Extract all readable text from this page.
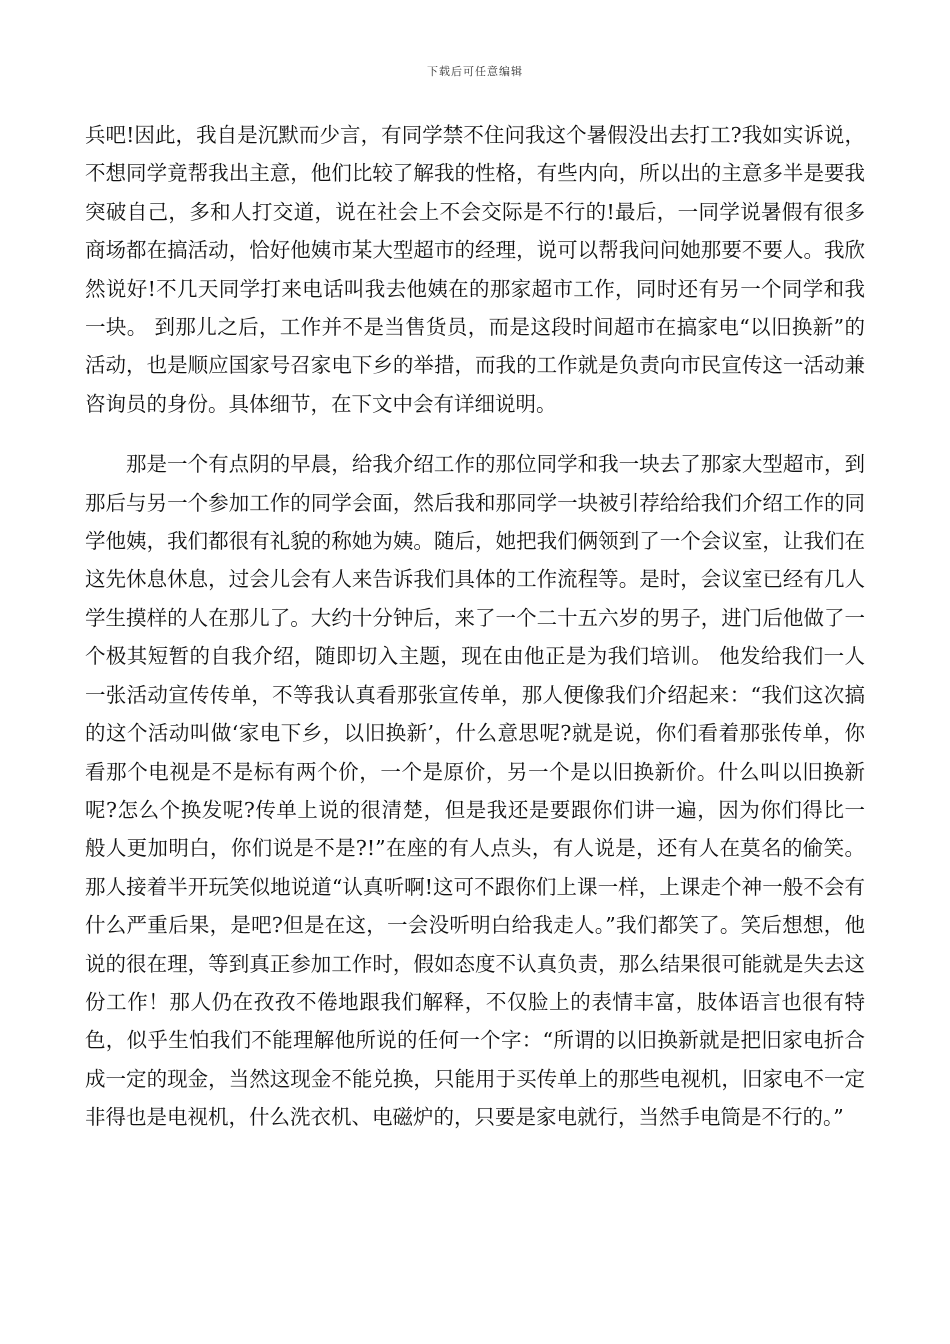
下载后可任意编辑

兵吧!因此，我自是沉默而少言，有同学禁不住问我这个暑假没出去打工?我如实诉说，不想同学竟帮我出主意，他们比较了解我的性格，有些内向，所以出的主意多半是要我突破自己，多和人打交道，说在社会上不会交际是不行的!最后，一同学说暑假有很多商场都在搞活动，恰好他姨市某大型超市的经理，说可以帮我问问她那要不要人。我欣然说好!不几天同学打来电话叫我去他姨在的那家超市工作，同时还有另一个同学和我一块。 到那儿之后，工作并不是当售货员，而是这段时间超市在搞家电“以旧换新”的活动，也是顺应国家号召家电下乡的举措，而我的工作就是负责向市民宣传这一活动兼咨询员的身份。具体细节，在下文中会有详细说明。

那是一个有点阴的早晨，给我介绍工作的那位同学和我一块去了那家大型超市，到那后与另一个参加工作的同学会面，然后我和那同学一块被引荐给给我们介绍工作的同学他姨，我们都很有礼貌的称她为姨。随后，她把我们俩领到了一个会议室，让我们在这先休息休息，过会儿会有人来告诉我们具体的工作流程等。是时，会议室已经有几人学生摸样的人在那儿了。大约十分钟后，来了一个二十五六岁的男子，进门后他做了一个极其短暂的自我介绍，随即切入主题，现在由他正是为我们培训。 他发给我们一人一张活动宣传传单，不等我认真看那张宣传单，那人便像我们介绍起来：“我们这次搞的这个活动叫做‘家电下乡，以旧换新’，什么意思呢?就是说，你们看着那张传单，你看那个电视是不是标有两个价，一个是原价，另一个是以旧换新价。什么叫以旧换新呢?怎么个换发呢?传单上说的很清楚，但是我还是要跟你们讲一遍，因为你们得比一般人更加明白，你们说是不是?!”在座的有人点头，有人说是，还有人在莫名的偷笑。那人接着半开玩笑似地说道“认真听啊!这可不跟你们上课一样，上课走个神一般不会有什么严重后果，是吧?但是在这，一会没听明白给我走人。”我们都笑了。笑后想想，他说的很在理，等到真正参加工作时，假如态度不认真负责，那么结果很可能就是失去这份工作！那人仍在孜孜不倦地跟我们解释，不仅脸上的表情丰富，肢体语言也很有特色，似乎生怕我们不能理解他所说的任何一个字：“所谓的以旧换新就是把旧家电折合成一定的现金，当然这现金不能兑换，只能用于买传单上的那些电视机，旧家电不一定非得也是电视机，什么洗衣机、电磁炉的，只要是家电就行，当然手电筒是不行的。”
